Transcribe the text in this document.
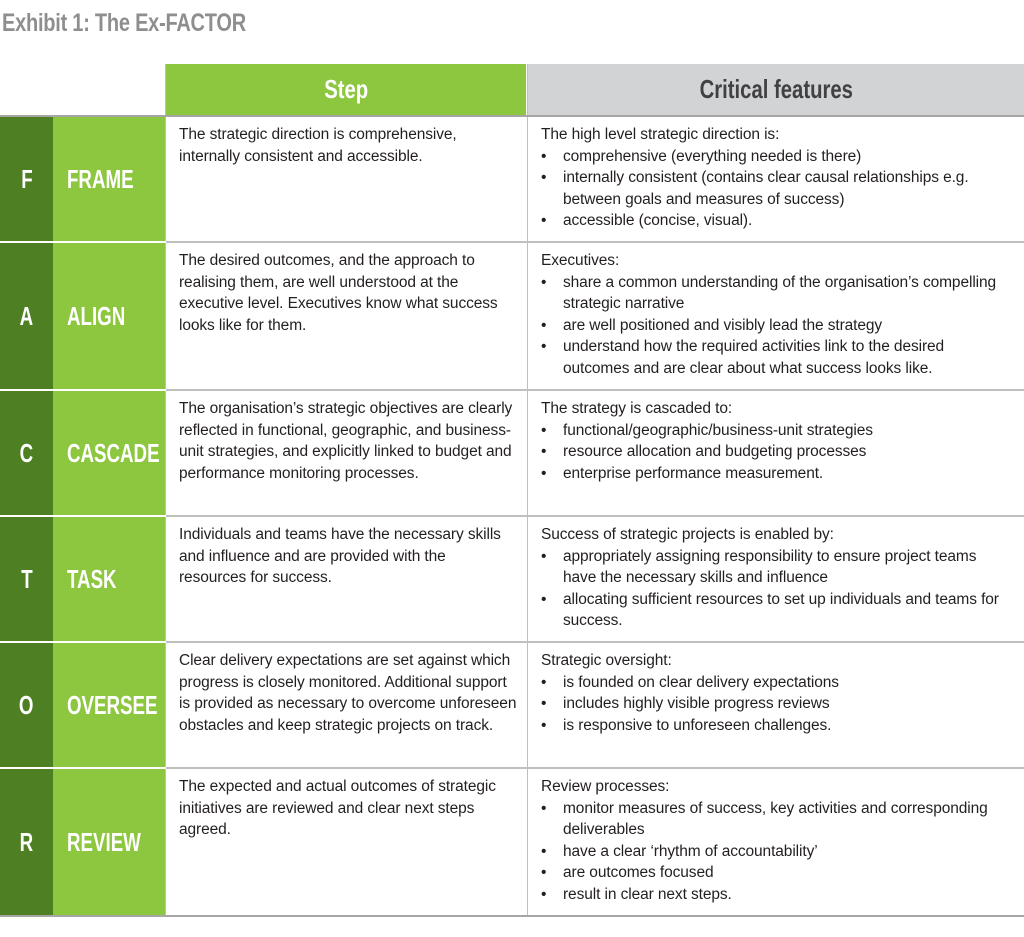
Exhibit 1: The Ex-FACTOR
Step	Critical features
F FRAME
The strategic direction is comprehensive, internally consistent and accessible.
The high level strategic direction is:
• comprehensive (everything needed is there)
• internally consistent (contains clear causal relationships e.g. between goals and measures of success)
• accessible (concise, visual).
A ALIGN
The desired outcomes, and the approach to realising them, are well understood at the executive level. Executives know what success looks like for them.
Executives:
• share a common understanding of the organisation’s compelling strategic narrative
• are well positioned and visibly lead the strategy
• understand how the required activities link to the desired outcomes and are clear about what success looks like.
C CASCADE
The organisation’s strategic objectives are clearly reflected in functional, geographic, and business-unit strategies, and explicitly linked to budget and performance monitoring processes.
The strategy is cascaded to:
• functional/geographic/business-unit strategies
• resource allocation and budgeting processes
• enterprise performance measurement.
T TASK
Individuals and teams have the necessary skills and influence and are provided with the resources for success.
Success of strategic projects is enabled by:
• appropriately assigning responsibility to ensure project teams have the necessary skills and influence
• allocating sufficient resources to set up individuals and teams for success.
O OVERSEE
Clear delivery expectations are set against which progress is closely monitored. Additional support is provided as necessary to overcome unforeseen obstacles and keep strategic projects on track.
Strategic oversight:
• is founded on clear delivery expectations
• includes highly visible progress reviews
• is responsive to unforeseen challenges.
R REVIEW
The expected and actual outcomes of strategic initiatives are reviewed and clear next steps agreed.
Review processes:
• monitor measures of success, key activities and corresponding deliverables
• have a clear ‘rhythm of accountability’
• are outcomes focused
• result in clear next steps.
